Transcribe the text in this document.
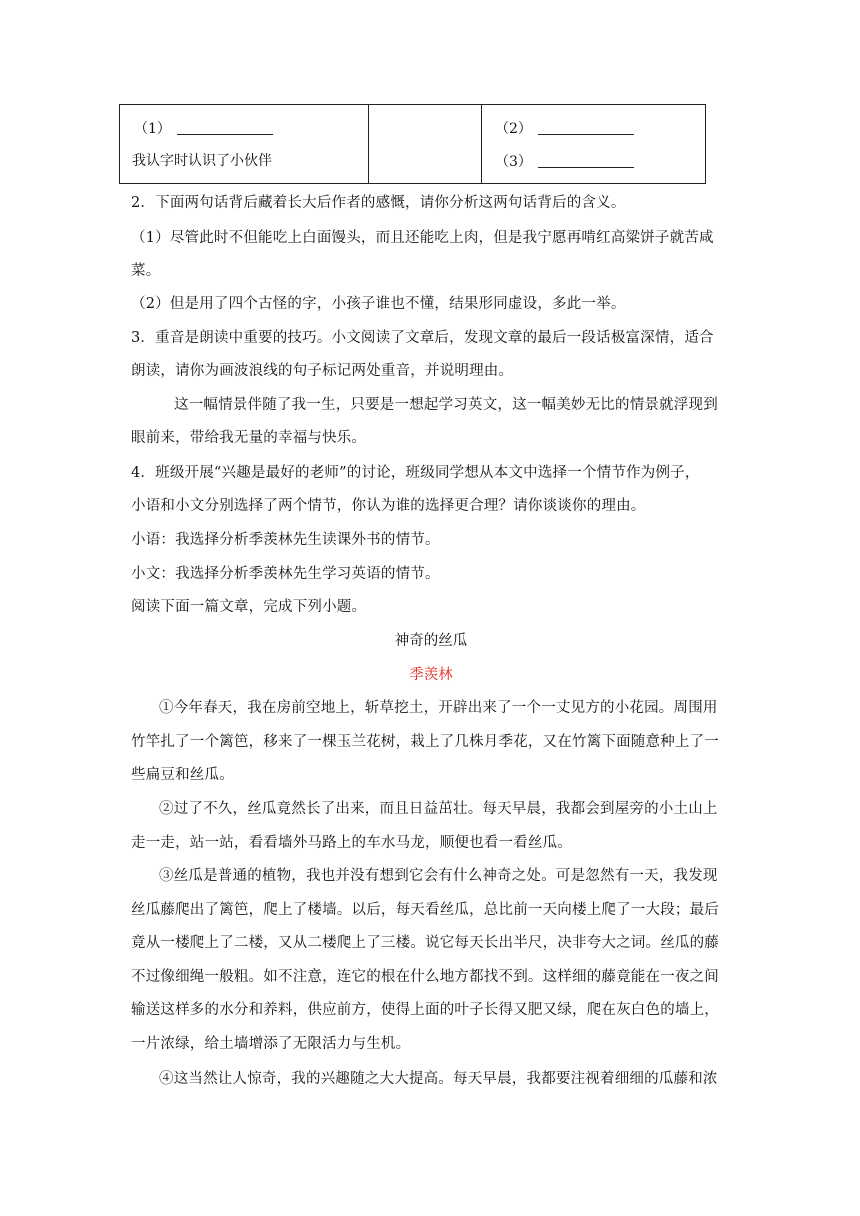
（1）
我认字时认识了小伙伴
（2）
（3）
2．下面两句话背后藏着长大后作者的感慨，请你分析这两句话背后的含义。
（1）尽管此时不但能吃上白面馒头，而且还能吃上肉，但是我宁愿再啃红高粱饼子就苦咸
菜。
（2）但是用了四个古怪的字，小孩子谁也不懂，结果形同虚设，多此一举。
3．重音是朗读中重要的技巧。小文阅读了文章后，发现文章的最后一段话极富深情，适合
朗读，请你为画波浪线的句子标记两处重音，并说明理由。
这一幅情景伴随了我一生，只要是一想起学习英文，这一幅美妙无比的情景就浮现到
眼前来，带给我无量的幸福与快乐。
4．班级开展“兴趣是最好的老师”的讨论，班级同学想从本文中选择一个情节作为例子，
小语和小文分别选择了两个情节，你认为谁的选择更合理？请你谈谈你的理由。
小语：我选择分析季羡林先生读课外书的情节。
小文：我选择分析季羡林先生学习英语的情节。
阅读下面一篇文章，完成下列小题。
神奇的丝瓜
季羡林
①今年春天，我在房前空地上，斩草挖土，开辟出来了一个一丈见方的小花园。周围用
竹竿扎了一个篱笆，移来了一棵玉兰花树，栽上了几株月季花，又在竹篱下面随意种上了一
些扁豆和丝瓜。
②过了不久，丝瓜竟然长了出来，而且日益茁壮。每天早晨，我都会到屋旁的小土山上
走一走，站一站，看看墙外马路上的车水马龙，顺便也看一看丝瓜。
③丝瓜是普通的植物，我也并没有想到它会有什么神奇之处。可是忽然有一天，我发现
丝瓜藤爬出了篱笆，爬上了楼墙。以后，每天看丝瓜，总比前一天向楼上爬了一大段；最后
竟从一楼爬上了二楼，又从二楼爬上了三楼。说它每天长出半尺，决非夸大之词。丝瓜的藤
不过像细绳一般粗。如不注意，连它的根在什么地方都找不到。这样细的藤竟能在一夜之间
输送这样多的水分和养料，供应前方，使得上面的叶子长得又肥又绿，爬在灰白色的墙上，
一片浓绿，给土墙增添了无限活力与生机。
④这当然让人惊奇，我的兴趣随之大大提高。每天早晨，我都要注视着细细的瓜藤和浓
